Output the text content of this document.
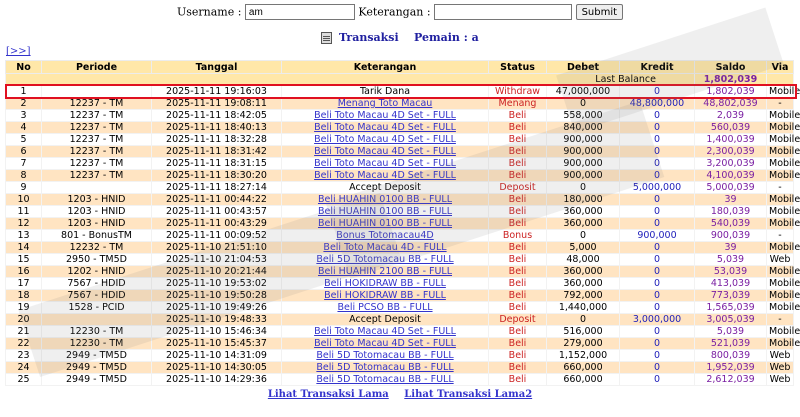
Username : am	Keterangan :	Submit
Transaksi Pemain : a
[>>]
No	Periode	Tanggal	Keterangan	Status	Debet	Kredit	Saldo	Via
Last Balance							1,802,039	
1		2025-11-11 19:16:03	Tarik Dana	Withdraw	47,000,000	0	1,802,039	Mobile
2	12237 - TM	2025-11-11 19:08:11	Menang Toto Macau	Menang	0	48,800,000	48,802,039	-
3	12237 - TM	2025-11-11 18:42:05	Beli Toto Macau 4D Set - FULL	Beli	558,000	0	2,039	Mobile
4	12237 - TM	2025-11-11 18:40:13	Beli Toto Macau 4D Set - FULL	Beli	840,000	0	560,039	Mobile
5	12237 - TM	2025-11-11 18:32:28	Beli Toto Macau 4D Set - FULL	Beli	900,000	0	1,400,039	Mobile
6	12237 - TM	2025-11-11 18:31:42	Beli Toto Macau 4D Set - FULL	Beli	900,000	0	2,300,039	Mobile
7	12237 - TM	2025-11-11 18:31:15	Beli Toto Macau 4D Set - FULL	Beli	900,000	0	3,200,039	Mobile
8	12237 - TM	2025-11-11 18:30:20	Beli Toto Macau 4D Set - FULL	Beli	900,000	0	4,100,039	Mobile
9		2025-11-11 18:27:14	Accept Deposit	Deposit	0	5,000,000	5,000,039	-
10	1203 - HNID	2025-11-11 00:44:22	Beli HUAHIN 0100 BB - FULL	Beli	180,000	0	39	Mobile
11	1203 - HNID	2025-11-11 00:43:57	Beli HUAHIN 0100 BB - FULL	Beli	360,000	0	180,039	Mobile
12	1203 - HNID	2025-11-11 00:43:29	Beli HUAHIN 0100 BB - FULL	Beli	360,000	0	540,039	Mobile
13	801 - BonusTM	2025-11-11 00:09:52	Bonus Totomacau4D	Bonus	0	900,000	900,039	-
14	12232 - TM	2025-11-10 21:51:10	Beli Toto Macau 4D - FULL	Beli	5,000	0	39	Mobile
15	2950 - TM5D	2025-11-10 21:04:53	Beli 5D Totomacau BB - FULL	Beli	48,000	0	5,039	Web
16	1202 - HNID	2025-11-10 20:21:44	Beli HUAHIN 2100 BB - FULL	Beli	360,000	0	53,039	Mobile
17	7567 - HDID	2025-11-10 19:53:02	Beli HOKIDRAW BB - FULL	Beli	360,000	0	413,039	Mobile
18	7567 - HDID	2025-11-10 19:50:28	Beli HOKIDRAW BB - FULL	Beli	792,000	0	773,039	Mobile
19	1528 - PCID	2025-11-10 19:49:26	Beli PCSO BB - FULL	Beli	1,440,000	0	1,565,039	Mobile
20		2025-11-10 19:48:33	Accept Deposit	Deposit	0	3,000,000	3,005,039	-
21	12230 - TM	2025-11-10 15:46:34	Beli Toto Macau 4D Set - FULL	Beli	516,000	0	5,039	Mobile
22	12230 - TM	2025-11-10 15:45:37	Beli Toto Macau 4D Set - FULL	Beli	279,000	0	521,039	Mobile
23	2949 - TM5D	2025-11-10 14:31:09	Beli 5D Totomacau BB - FULL	Beli	1,152,000	0	800,039	Web
24	2949 - TM5D	2025-11-10 14:30:05	Beli 5D Totomacau BB - FULL	Beli	660,000	0	1,952,039	Web
25	2949 - TM5D	2025-11-10 14:29:36	Beli 5D Totomacau BB - FULL	Beli	660,000	0	2,612,039	Web
Lihat Transaksi Lama Lihat Transaksi Lama2
